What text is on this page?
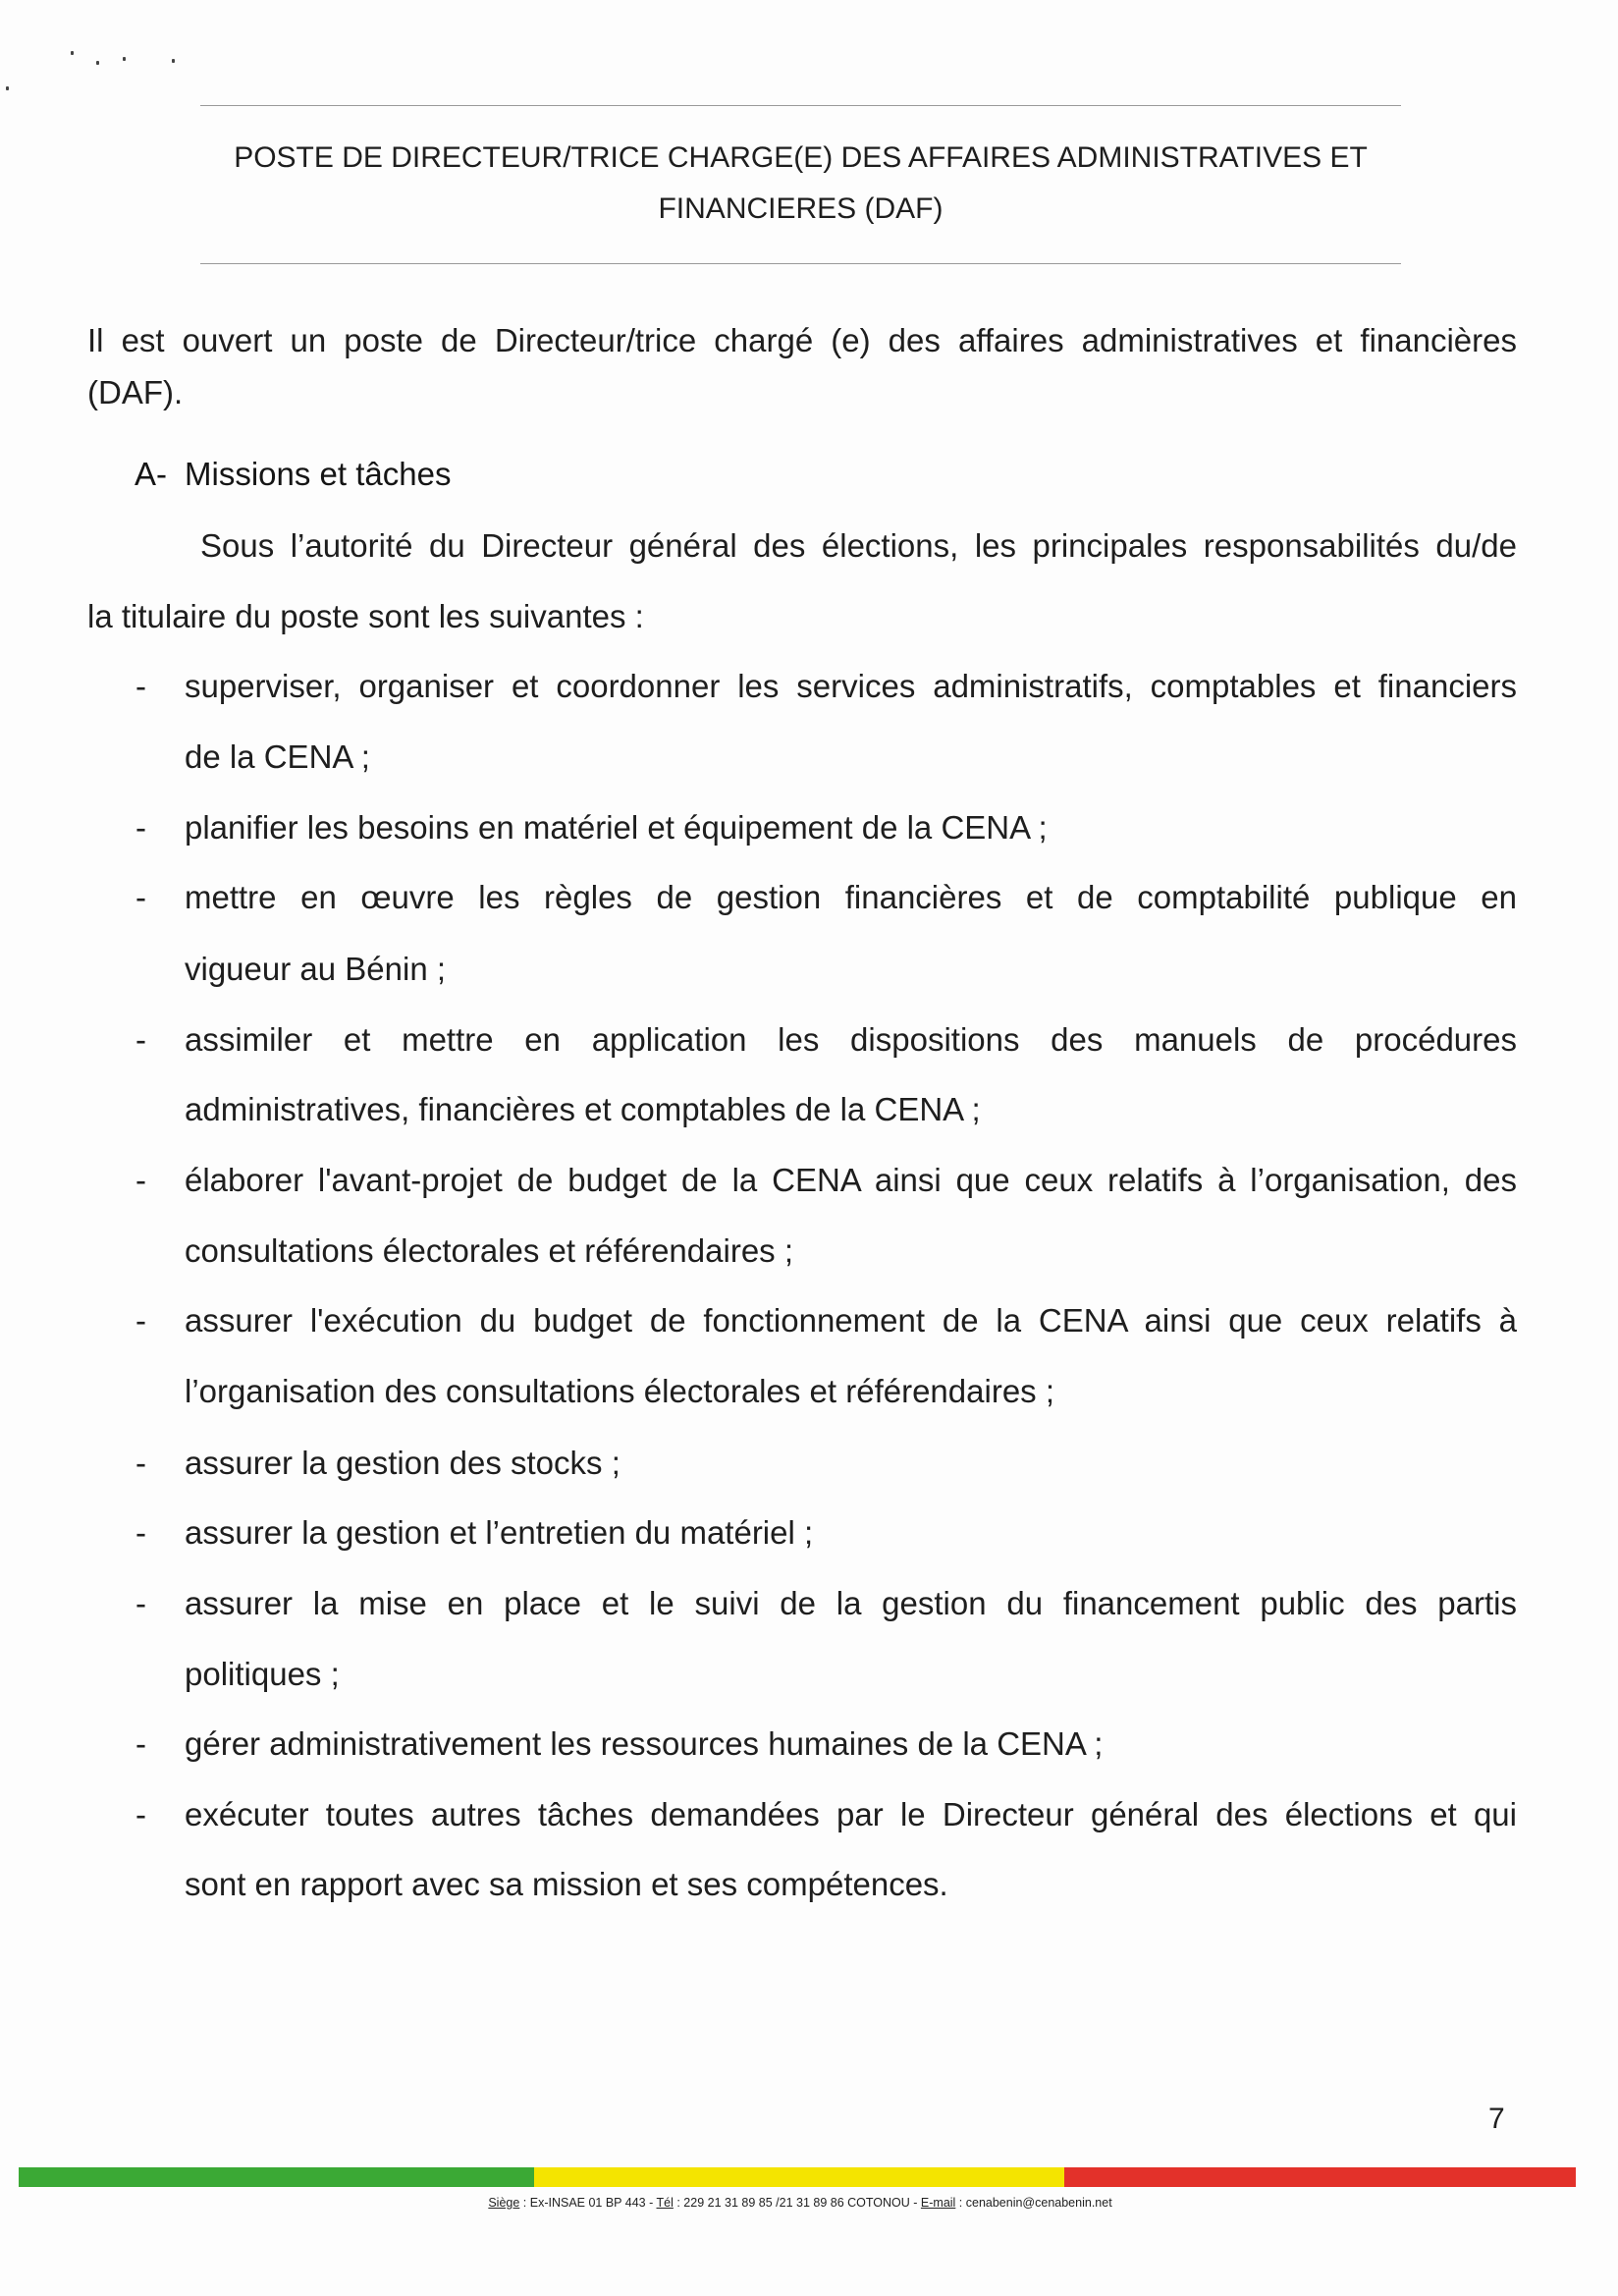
POSTE DE DIRECTEUR/TRICE CHARGE(E) DES AFFAIRES ADMINISTRATIVES ET
FINANCIERES (DAF)
Il est ouvert un poste de Directeur/trice chargé (e) des affaires administratives et financières
(DAF).
A- Missions et tâches
Sous l’autorité du Directeur général des élections, les principales responsabilités du/de
la titulaire du poste sont les suivantes :
- superviser, organiser et coordonner les services administratifs, comptables et financiers
de la CENA ;
- planifier les besoins en matériel et équipement de la CENA ;
- mettre en œuvre les règles de gestion financières et de comptabilité publique en
vigueur au Bénin ;
- assimiler et mettre en application les dispositions des manuels de procédures
administratives, financières et comptables de la CENA ;
- élaborer l'avant-projet de budget de la CENA ainsi que ceux relatifs à l’organisation, des
consultations électorales et référendaires ;
- assurer l'exécution du budget de fonctionnement de la CENA ainsi que ceux relatifs à
l’organisation des consultations électorales et référendaires ;
- assurer la gestion des stocks ;
- assurer la gestion et l’entretien du matériel ;
- assurer la mise en place et le suivi de la gestion du financement public des partis
politiques ;
- gérer administrativement les ressources humaines de la CENA ;
- exécuter toutes autres tâches demandées par le Directeur général des élections et qui
sont en rapport avec sa mission et ses compétences.
7
Siège : Ex-INSAE 01 BP 443 - Tél : 229 21 31 89 85 /21 31 89 86 COTONOU - E-mail : cenabenin@cenabenin.net
